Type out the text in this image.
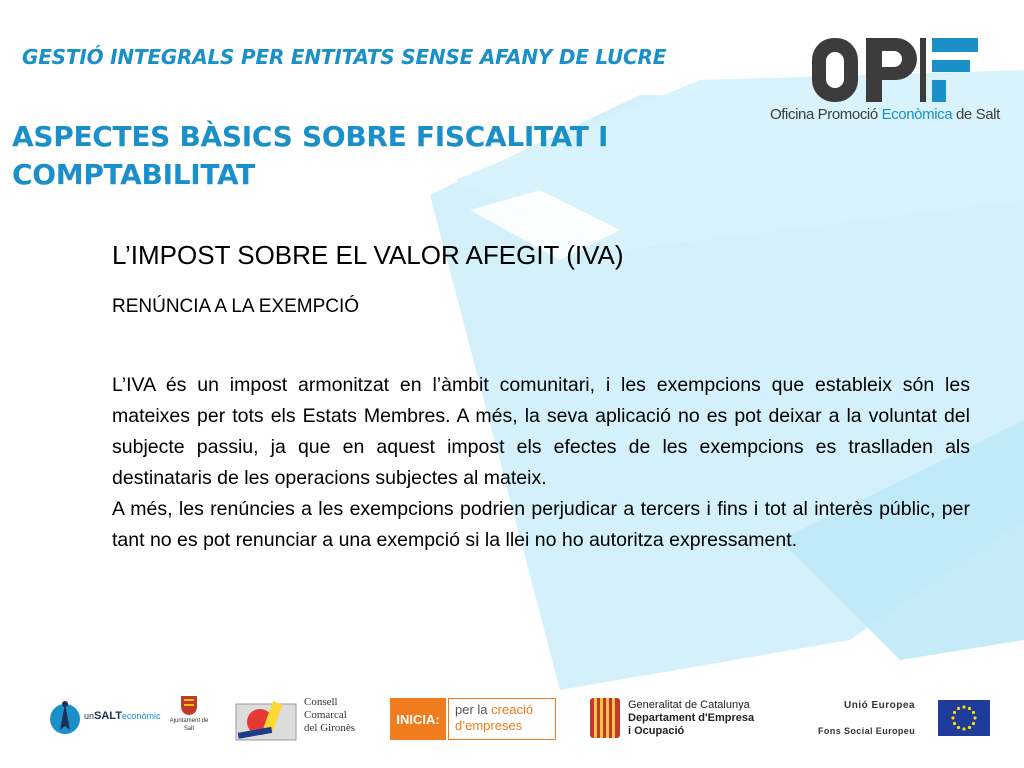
GESTIÓ INTEGRALS PER ENTITATS SENSE AFANY DE LUCRE
ASPECTES BÀSICS SOBRE FISCALITAT I COMPTABILITAT
Oficina Promoció Econòmica de Salt
L’IMPOST SOBRE EL VALOR AFEGIT (IVA)
RENÚNCIA A LA EXEMPCIÓ

L’IVA és un impost armonitzat en l’àmbit comunitari, i les exempcions que estableix són les mateixes per tots els Estats Membres. A més, la seva aplicació no es pot deixar a la voluntat del subjecte passiu, ja que en aquest impost els efectes de les exempcions es traslladen als destinataris de les operacions subjectes al mateix.

A més, les renúncies a les exempcions podrien perjudicar a tercers i fins i tot al interès públic, per tant no es pot renunciar a una exempció si la llei no ho autoritza expressament.

unSALTeconòmic Ajuntament de
Salt
Consell
Comarcal
del Gironès
INICIA:
per la creació
d’empreses
Generalitat de Catalunya
Departament d'Empresa
i Ocupació
Unió Europea
Fons Social Europeu
